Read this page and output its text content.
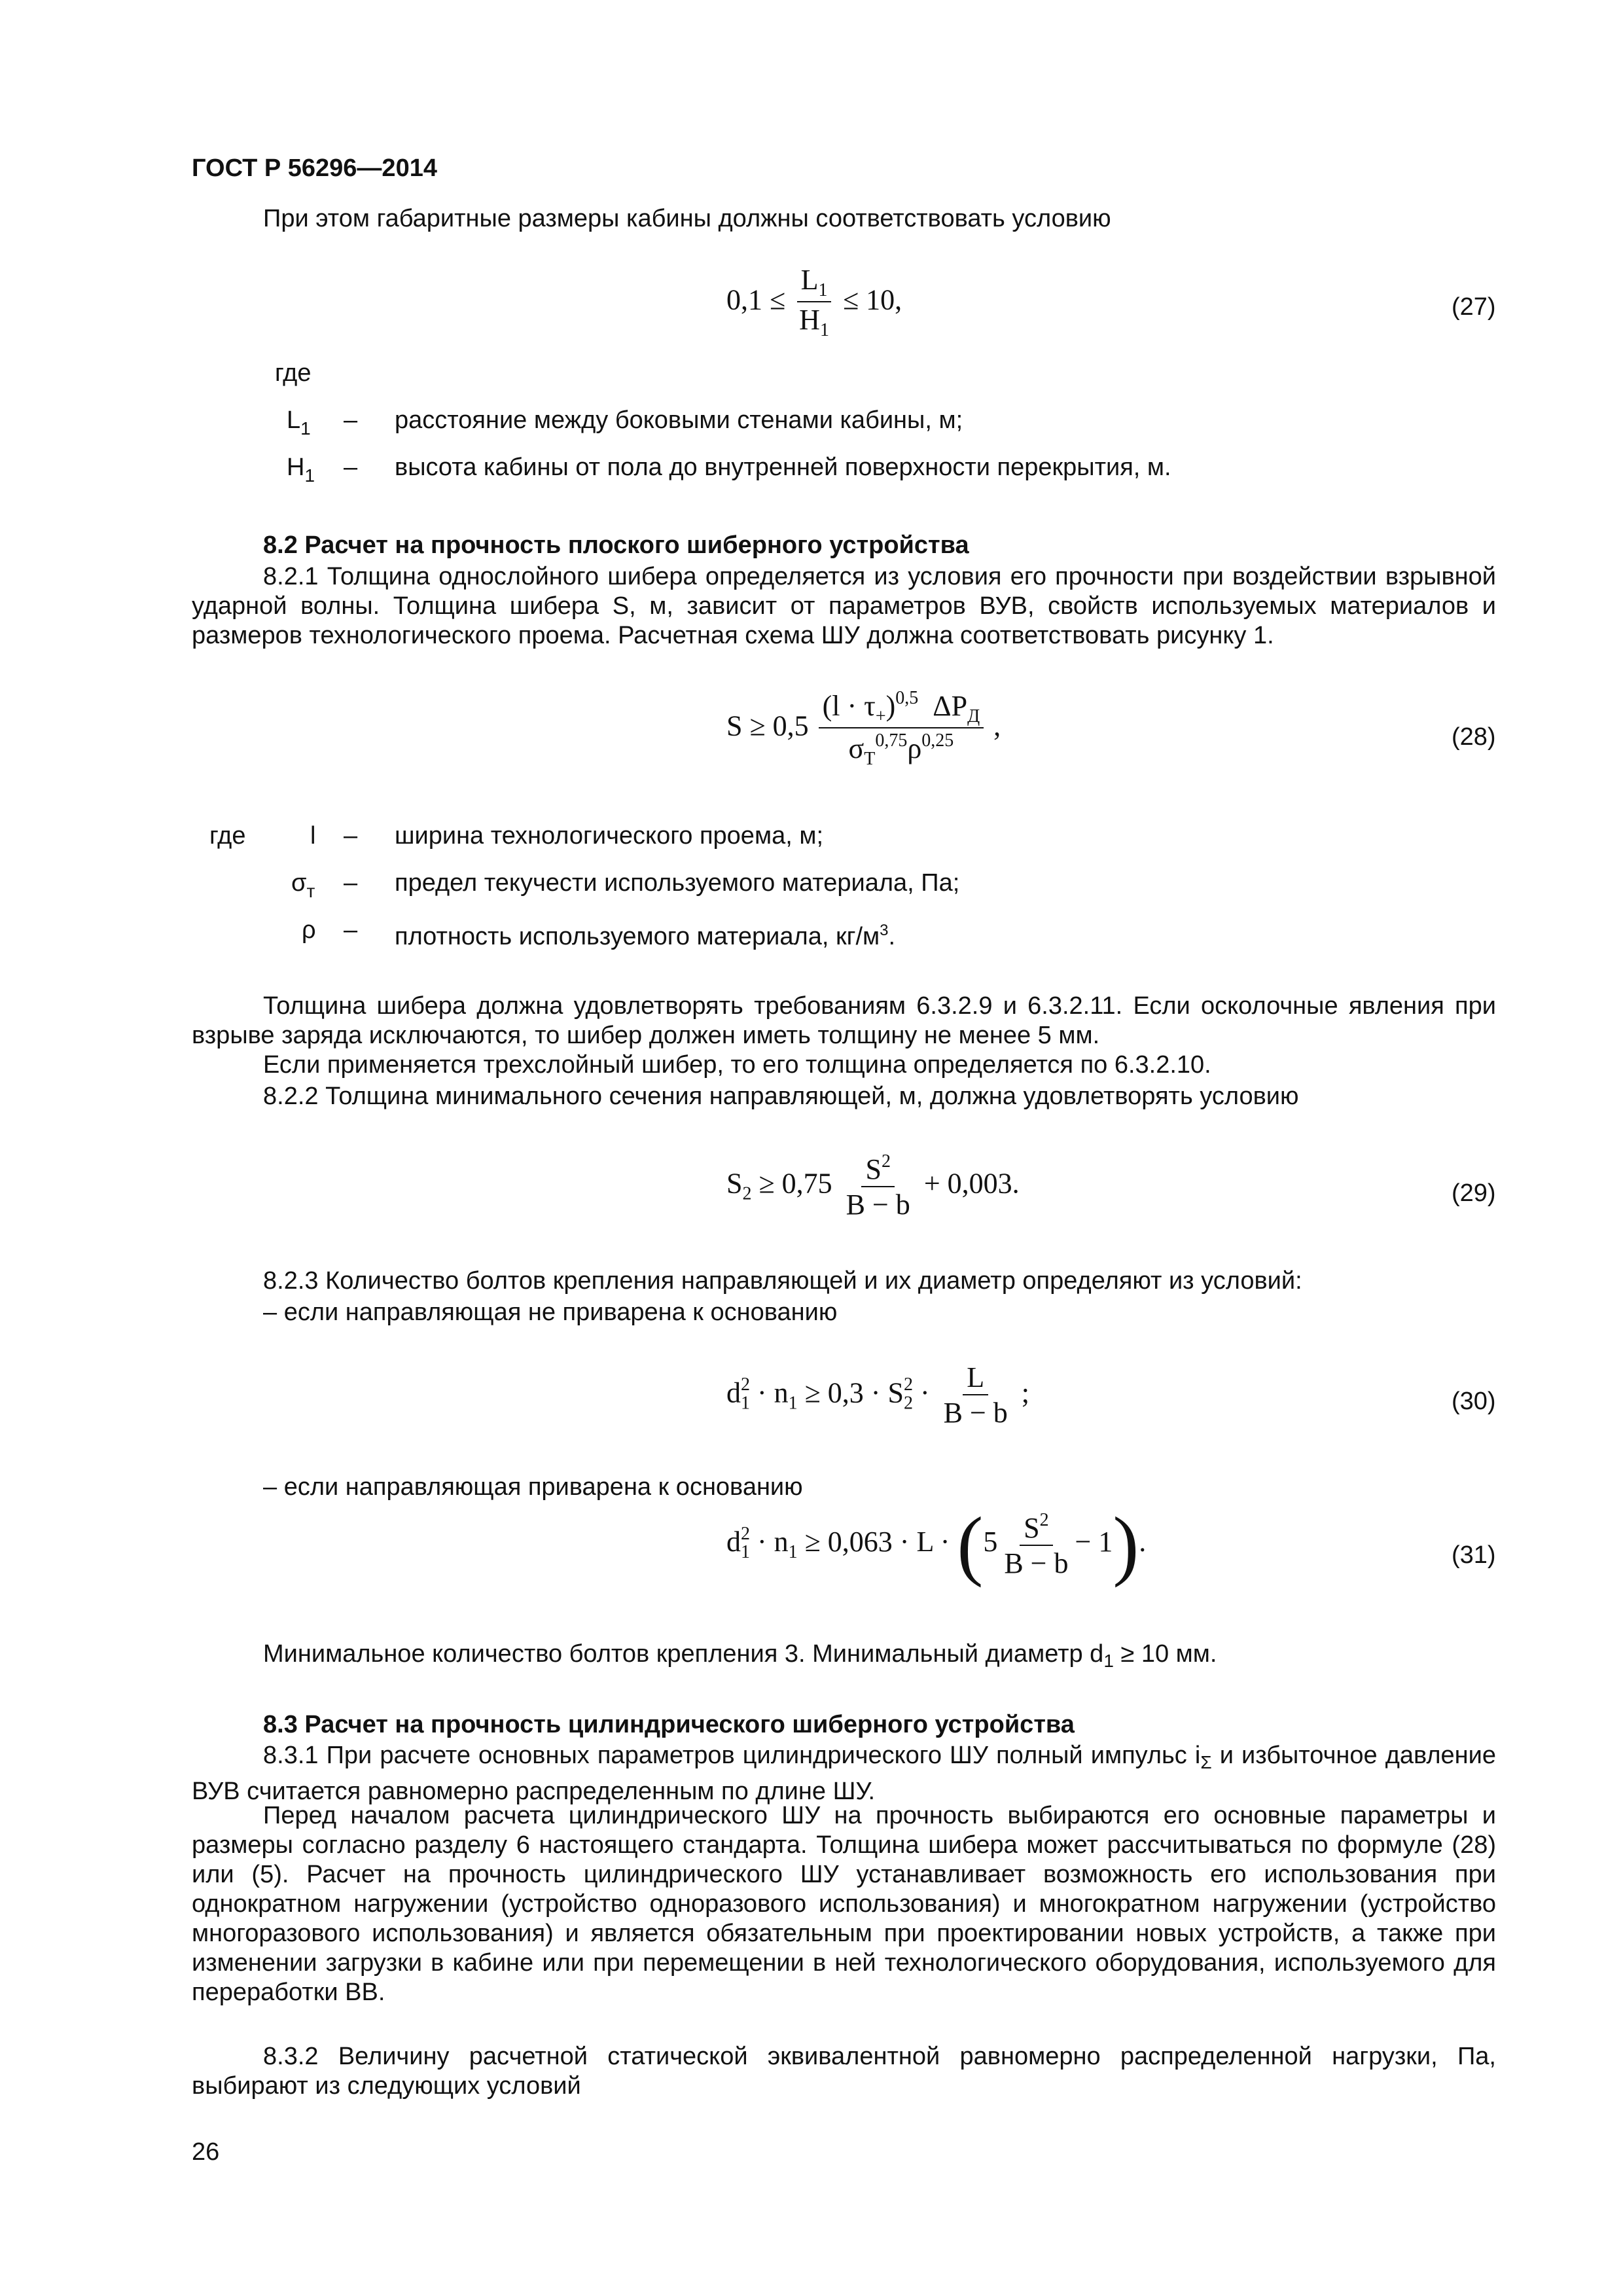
ГОСТ Р 56296—2014
При этом габаритные размеры кабины должны соответствовать условию
$0,1 \le \frac{L_1}{H_1} \le 10$,	(27)
где
$L_1$ – расстояние между боковыми стенами кабины, м;
$H_1$ – высота кабины от пола до внутренней поверхности перекрытия, м.
8.2 Расчет на прочность плоского шиберного устройства
8.2.1 Толщина однослойного шибера определяется из условия его прочности при воздействии взрывной ударной волны. Толщина шибера S, м, зависит от параметров ВУВ, свойств используемых материалов и размеров технологического проема. Расчетная схема ШУ должна соответствовать рисунку 1.
$S \ge 0,5 \frac{(l \cdot \tau_+)^{0,5} \Delta P_Д}{\sigma_Т^{0,75}\rho^{0,25}}$ ,	(28)
где	l – ширина технологического проема, м;
$\sigma_т$ – предел текучести используемого материала, Па;
ρ – плотность используемого материала, $кг/м^3$.
Толщина шибера должна удовлетворять требованиям 6.3.2.9 и 6.3.2.11. Если осколочные явления при взрыве заряда исключаются, то шибер должен иметь толщину не менее 5 мм.
Если применяется трехслойный шибер, то его толщина определяется по 6.3.2.10.
8.2.2 Толщина минимального сечения направляющей, м, должна удовлетворять условию
$S_2 \ge 0,75 \frac{S^2}{B - b} + 0,003$.	(29)
8.2.3 Количество болтов крепления направляющей и их диаметр определяют из условий:
– если направляющая не приварена к основанию
$d_1^2 \cdot n_1 \ge 0,3 \cdot S_2^2 \cdot \frac{L}{B - b}$ ;	(30)
– если направляющая приварена к основанию
$d_1^2 \cdot n_1 \ge 0,063 \cdot L \cdot (5 \frac{S^2}{B - b} - 1)$.	(31)
Минимальное количество болтов крепления 3. Минимальный диаметр $d_1 \ge 10$ мм.
8.3 Расчет на прочность цилиндрического шиберного устройства
8.3.1 При расчете основных параметров цилиндрического ШУ полный импульс $i_\Sigma$ и избыточное давление ВУВ считается равномерно распределенным по длине ШУ.
Перед началом расчета цилиндрического ШУ на прочность выбираются его основные параметры и размеры согласно разделу 6 настоящего стандарта. Толщина шибера может рассчитываться по формуле (28) или (5). Расчет на прочность цилиндрического ШУ устанавливает возможность его использования при однократном нагружении (устройство одноразового использования) и многократном нагружении (устройство многоразового использования) и является обязательным при проектировании новых устройств, а также при изменении загрузки в кабине или при перемещении в ней технологического оборудования, используемого для переработки ВВ.
8.3.2 Величину расчетной статической эквивалентной равномерно распределенной нагрузки, Па, выбирают из следующих условий
26
